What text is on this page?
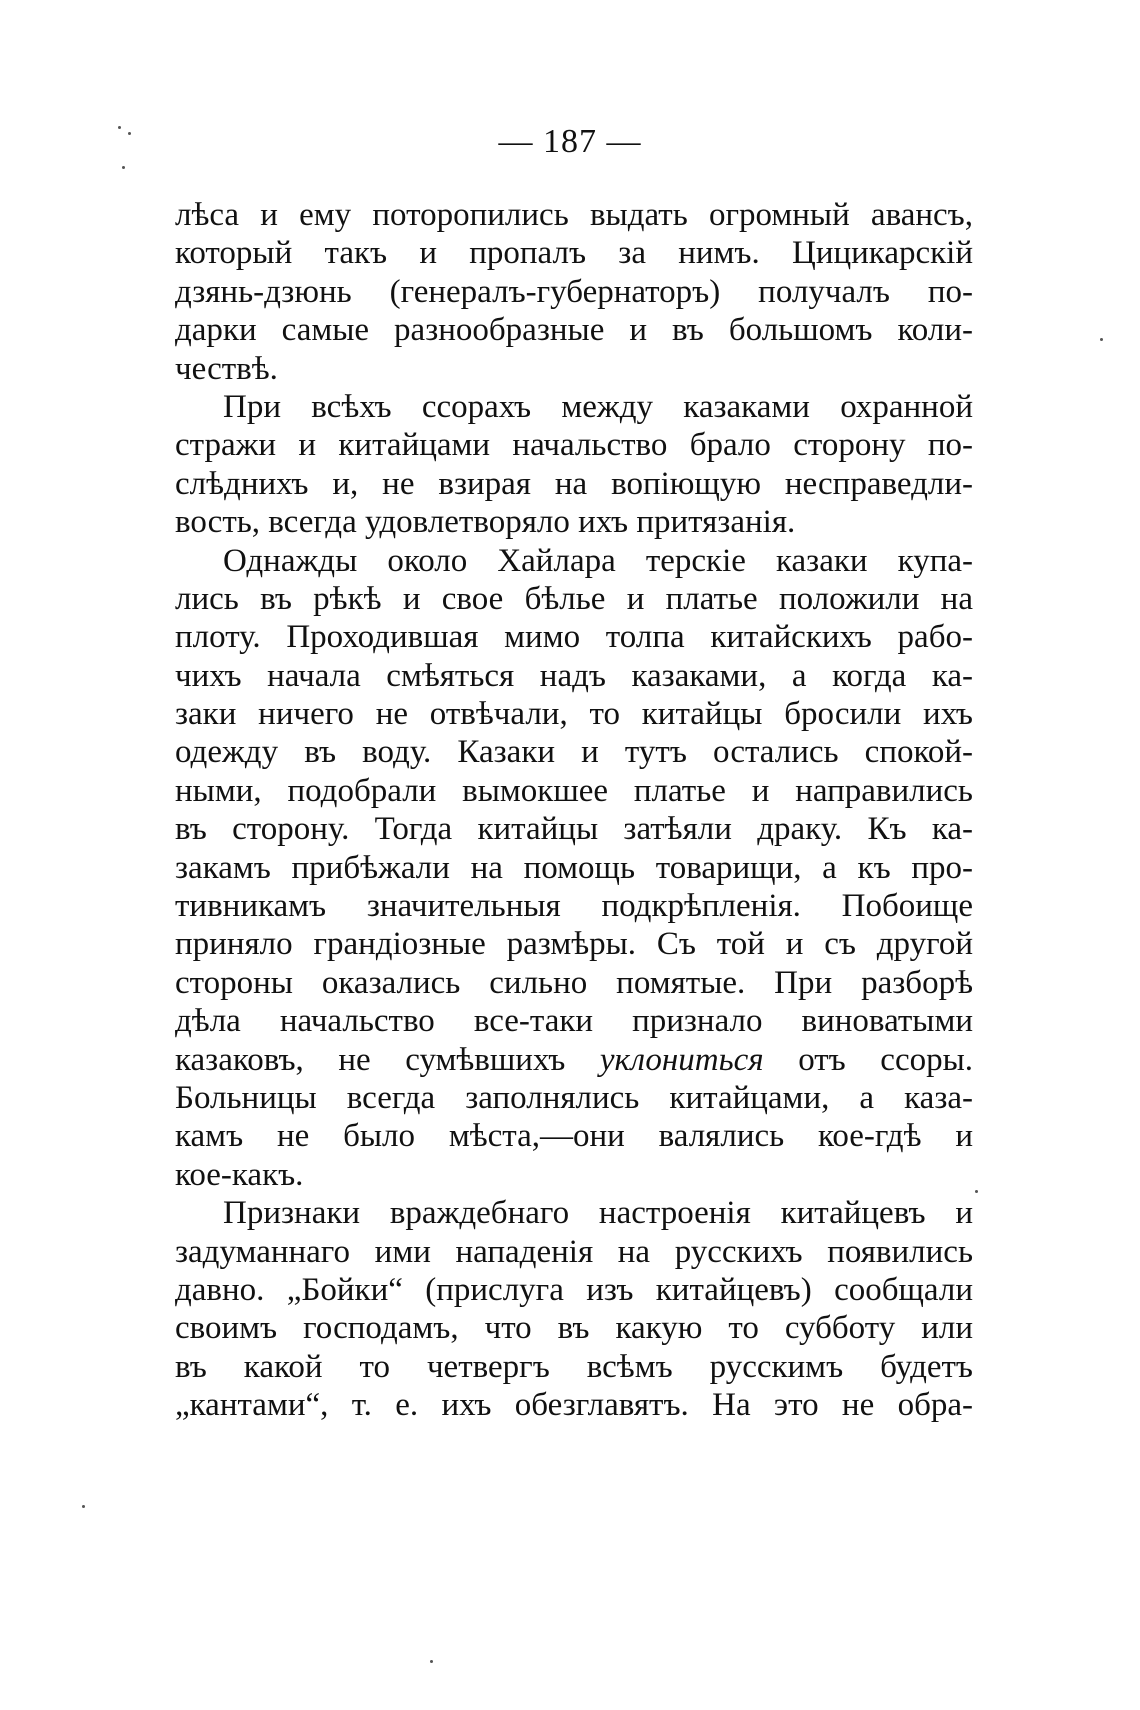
— 187 —
лѣса и ему поторопились выдать огромный авансъ,
который такъ и пропалъ за нимъ. Цицикарскій
дзянь-дзюнь (генералъ-губернаторъ) получалъ по-
дарки самые разнообразные и въ большомъ коли-
чествѣ.
При всѣхъ ссорахъ между казаками охранной
стражи и китайцами начальство брало сторону по-
слѣднихъ и, не взирая на вопіющую несправедли-
вость, всегда удовлетворяло ихъ притязанія.
Однажды около Хайлара терскіе казаки купа-
лись въ рѣкѣ и свое бѣлье и платье положили на
плоту. Проходившая мимо толпа китайскихъ рабо-
чихъ начала смѣяться надъ казаками, а когда ка-
заки ничего не отвѣчали, то китайцы бросили ихъ
одежду въ воду. Казаки и тутъ остались спокой-
ными, подобрали вымокшее платье и направились
въ сторону. Тогда китайцы затѣяли драку. Къ ка-
закамъ прибѣжали на помощь товарищи, а къ про-
тивникамъ значительныя подкрѣпленія. Побоище
приняло грандіозные размѣры. Съ той и съ другой
стороны оказались сильно помятые. При разборѣ
дѣла начальство все-таки признало виноватыми
казаковъ, не сумѣвшихъ уклониться отъ ссоры.
Больницы всегда заполнялись китайцами, а каза-
камъ не было мѣста,—они валялись кое-гдѣ и
кое-какъ.
Признаки враждебнаго настроенія китайцевъ и
задуманнаго ими нападенія на русскихъ появились
давно. „Бойки“ (прислуга изъ китайцевъ) сообщали
своимъ господамъ, что въ какую то субботу или
въ какой то четвергъ всѣмъ русскимъ будетъ
„кантами“, т. е. ихъ обезглавятъ. На это не обра-
